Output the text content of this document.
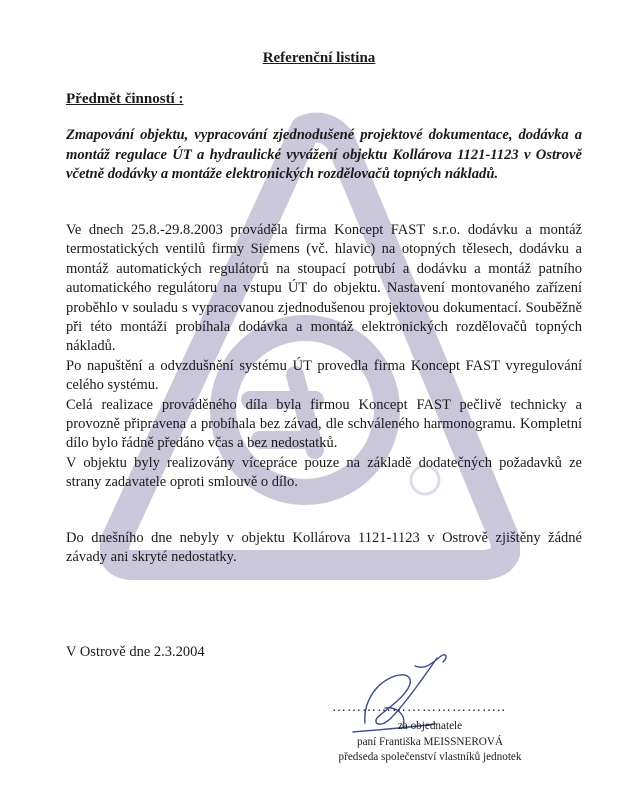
Referenční listina
Předmět činností :
Zmapování objektu, vypracování zjednodušené projektové dokumentace, dodávka a montáž regulace ÚT a hydraulické vyvážení objektu Kollárova 1121-1123 v Ostrově včetně dodávky a montáže elektronických rozdělovačů topných nákladů.

Ve dnech 25.8.-29.8.2003 prováděla firma Koncept FAST s.r.o. dodávku a montáž termostatických ventilů firmy Siemens (vč. hlavic) na otopných tělesech, dodávku a montáž automatických regulátorů na stoupací potrubí a dodávku a montáž patního automatického regulátoru na vstupu ÚT do objektu. Nastavení montovaného zařízení proběhlo v souladu s vypracovanou zjednodušenou projektovou dokumentací. Souběžně při této montáži probíhala dodávka a montáž elektronických rozdělovačů topných nákladů.

Po napuštění a odvzdušnění systému ÚT provedla firma Koncept FAST vyregulování celého systému.

Celá realizace prováděného díla byla firmou Koncept FAST pečlivě technicky a provozně připravena a probíhala bez závad, dle schváleného harmonogramu. Kompletní dílo bylo řádně předáno včas a bez nedostatků.

V objektu byly realizovány vícepráce pouze na základě dodatečných požadavků ze strany zadavatele oproti smlouvě o dílo.

Do dnešního dne nebyly v objektu Kollárova 1121-1123 v Ostrově zjištěny žádné závady ani skryté nedostatky.
V Ostrově dne 2.3.2004
……………………………..
za objednatele
paní Františka MEISSNEROVÁ
předseda společenství vlastníků jednotek
